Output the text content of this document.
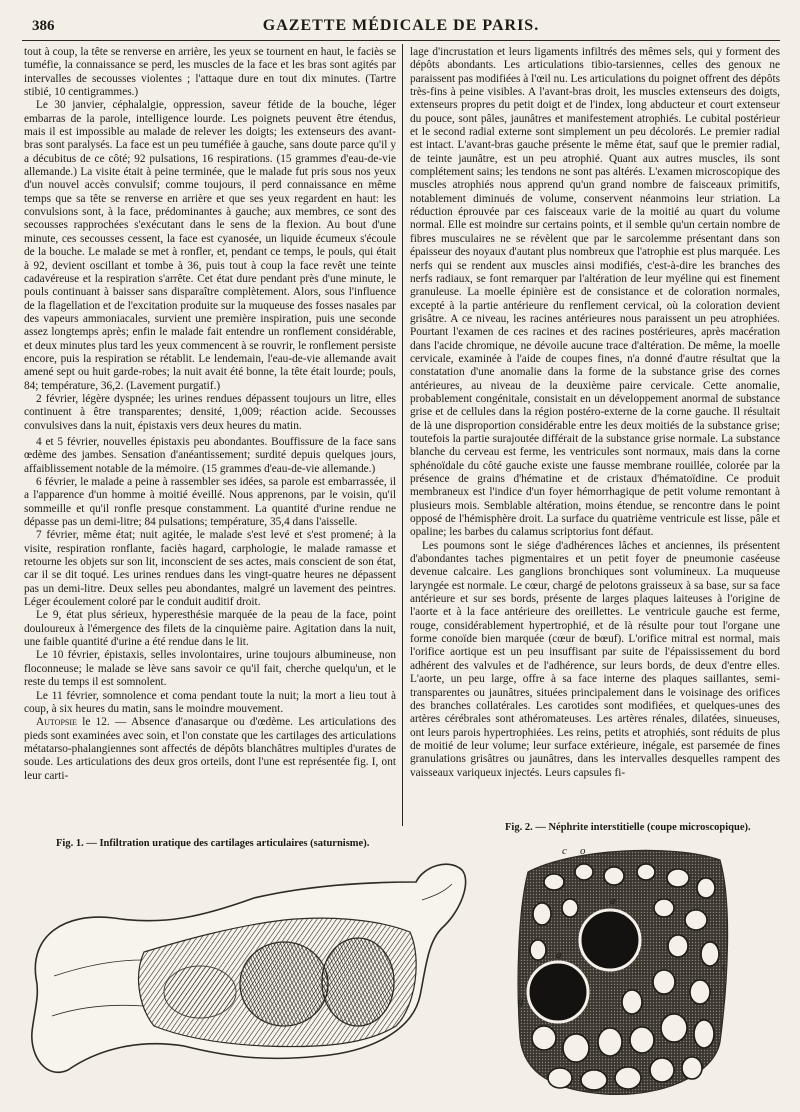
386	GAZETTE MÉDICALE DE PARIS.

tout à coup, la tête se renverse en arrière, les yeux se tournent en haut, le faciès se tuméfie, la connaissance se perd, les muscles de la face et les bras sont agités par intervalles de secousses violentes ; l'attaque dure en tout dix minutes. (Tartre stibié, 10 centigrammes.)

Le 30 janvier, céphalalgie, oppression, saveur fétide de la bouche, léger embarras de la parole, intelligence lourde. Les poignets peuvent être étendus, mais il est impossible au malade de relever les doigts; les extenseurs des avant-bras sont paralysés. La face est un peu tuméfiée à gauche, sans doute parce qu'il y a décubitus de ce côté; 92 pulsations, 16 respirations. (15 grammes d'eau-de-vie allemande.) La visite était à peine terminée, que le malade fut pris sous nos yeux d'un nouvel accès convulsif; comme toujours, il perd connaissance en même temps que sa tête se renverse en arrière et que ses yeux regardent en haut: les convulsions sont, à la face, prédominantes à gauche; aux membres, ce sont des secousses rapprochées s'exécutant dans le sens de la flexion. Au bout d'une minute, ces secousses cessent, la face est cyanosée, un liquide écumeux s'écoule de la bouche. Le malade se met à ronfler, et, pendant ce temps, le pouls, qui était à 92, devient oscillant et tombe à 36, puis tout à coup la face revêt une teinte cadavéreuse et la respiration s'arrête. Cet état dure pendant près d'une minute, le pouls continuant à baisser sans disparaître complètement. Alors, sous l'influence de la flagellation et de l'excitation produite sur la muqueuse des fosses nasales par des vapeurs ammoniacales, survient une première inspiration, puis une seconde assez longtemps après; enfin le malade fait entendre un ronflement considérable, et deux minutes plus tard les yeux commencent à se rouvrir, le ronflement persiste encore, puis la respiration se rétablit. Le lendemain, l'eau-de-vie allemande avait amené sept ou huit garde-robes; la nuit avait été bonne, la tête était lourde; pouls, 84; température, 36,2. (Lavement purgatif.)

2 février, légère dyspnée; les urines rendues dépassent toujours un litre, elles continuent à être transparentes; densité, 1,009; réaction acide. Secousses convulsives dans la nuit, épistaxis vers deux heures du matin.

4 et 5 février, nouvelles épistaxis peu abondantes. Bouffissure de la face sans œdème des jambes. Sensation d'anéantissement; surdité depuis quelques jours, affaiblissement notable de la mémoire. (15 grammes d'eau-de-vie allemande.)

6 février, le malade a peine à rassembler ses idées, sa parole est embarrassée, il a l'apparence d'un homme à moitié éveillé. Nous apprenons, par le voisin, qu'il sommeille et qu'il ronfle presque constamment. La quantité d'urine rendue ne dépasse pas un demi-litre; 84 pulsations; température, 35,4 dans l'aisselle.

7 février, même état; nuit agitée, le malade s'est levé et s'est promené; à la visite, respiration ronflante, faciès hagard, carphologie, le malade ramasse et retourne les objets sur son lit, inconscient de ses actes, mais conscient de son état, car il se dit toqué. Les urines rendues dans les vingt-quatre heures ne dépassent pas un demi-litre. Deux selles peu abondantes, malgré un lavement des peintres. Léger écoulement coloré par le conduit auditif droit.

Le 9, état plus sérieux, hyperesthésie marquée de la peau de la face, point douloureux à l'émergence des filets de la cinquième paire. Agitation dans la nuit, une faible quantité d'urine a été rendue dans le lit.

Le 10 février, épistaxis, selles involontaires, urine toujours albumineuse, non floconneuse; le malade se lève sans savoir ce qu'il fait, cherche quelqu'un, et le reste du temps il est somnolent.

Le 11 février, somnolence et coma pendant toute la nuit; la mort a lieu tout à coup, à six heures du matin, sans le moindre mouvement.

Autopsie le 12. — Absence d'anasarque ou d'œdème. Les articulations des pieds sont examinées avec soin, et l'on constate que les cartilages des articulations métatarso-phalangiennes sont affectés de dépôts blanchâtres multiples d'urates de soude. Les articulations des deux gros orteils, dont l'une est représentée fig. I, ont leur carti-

lage d'incrustation et leurs ligaments infiltrés des mêmes sels, qui y forment des dépôts abondants. Les articulations tibio-tarsiennes, celles des genoux ne paraissent pas modifiées à l'œil nu. Les articulations du poignet offrent des dépôts très-fins à peine visibles. A l'avant-bras droit, les muscles extenseurs des doigts, extenseurs propres du petit doigt et de l'index, long abducteur et court extenseur du pouce, sont pâles, jaunâtres et manifestement atrophiés. Le cubital postérieur et le second radial externe sont simplement un peu décolorés. Le premier radial est intact. L'avant-bras gauche présente le même état, sauf que le premier radial, de teinte jaunâtre, est un peu atrophié. Quant aux autres muscles, ils sont complétement sains; les tendons ne sont pas altérés. L'examen microscopique des muscles atrophiés nous apprend qu'un grand nombre de faisceaux primitifs, notablement diminués de volume, conservent néanmoins leur striation. La réduction éprouvée par ces faisceaux varie de la moitié au quart du volume normal. Elle est moindre sur certains points, et il semble qu'un certain nombre de fibres musculaires ne se révèlent que par le sarcolemme présentant dans son épaisseur des noyaux d'autant plus nombreux que l'atrophie est plus marquée. Les nerfs qui se rendent aux muscles ainsi modifiés, c'est-à-dire les branches des nerfs radiaux, se font remarquer par l'altération de leur myéline qui est finement granuleuse. La moelle épinière est de consistance et de coloration normales, excepté à la partie antérieure du renflement cervical, où la coloration devient grisâtre. A ce niveau, les racines antérieures nous paraissent un peu atrophiées. Pourtant l'examen de ces racines et des racines postérieures, après macération dans l'acide chromique, ne dévoile aucune trace d'altération. De même, la moelle cervicale, examinée à l'aide de coupes fines, n'a donné d'autre résultat que la constatation d'une anomalie dans la forme de la substance grise des cornes antérieures, au niveau de la deuxième paire cervicale. Cette anomalie, probablement congénitale, consistait en un développement anormal de substance grise et de cellules dans la région postéro-externe de la corne gauche. Il résultait de là une disproportion considérable entre les deux moitiés de la substance grise; toutefois la partie surajoutée différait de la substance grise normale. La substance blanche du cerveau est ferme, les ventricules sont normaux, mais dans la corne sphénoïdale du côté gauche existe une fausse membrane rouillée, colorée par la présence de grains d'hématine et de cristaux d'hématoïdine. Ce produit membraneux est l'indice d'un foyer hémorrhagique de petit volume remontant à plusieurs mois. Semblable altération, moins étendue, se rencontre dans le point opposé de l'hémisphère droit. La surface du quatrième ventricule est lisse, pâle et opaline; les barbes du calamus scriptorius font défaut.

Les poumons sont le siége d'adhérences lâches et anciennes, ils présentent d'abondantes taches pigmentaires et un petit foyer de pneumonie caséeuse devenue calcaire. Les ganglions bronchiques sont volumineux. La muqueuse laryngée est normale. Le cœur, chargé de pelotons graisseux à sa base, sur sa face antérieure et sur ses bords, présente de larges plaques laiteuses à l'origine de l'aorte et à la face antérieure des oreillettes. Le ventricule gauche est ferme, rouge, considérablement hypertrophié, et de là résulte pour tout l'organe une forme conoïde bien marquée (cœur de bœuf). L'orifice mitral est normal, mais l'orifice aortique est un peu insuffisant par suite de l'épaississement du bord adhérent des valvules et de l'adhérence, sur leurs bords, de deux d'entre elles. L'aorte, un peu large, offre à sa face interne des plaques saillantes, semi-transparentes ou jaunâtres, situées principalement dans le voisinage des orifices des branches collatérales. Les carotides sont modifiées, et quelques-unes des artères cérébrales sont athéromateuses. Les artères rénales, dilatées, sinueuses, ont leurs parois hypertrophiées. Les reins, petits et atrophiés, sont réduits de plus de moitié de leur volume; leur surface extérieure, inégale, est parsemée de fines granulations grisâtres ou jaunâtres, dans les intervalles desquelles rampent des vaisseaux variqueux injectés. Leurs capsules fi-

Fig. 1. — Infiltration uratique des cartilages articulaires (saturnisme).
Fig. 2. — Néphrite interstitielle (coupe microscopique).
c o
a
a
c
g
